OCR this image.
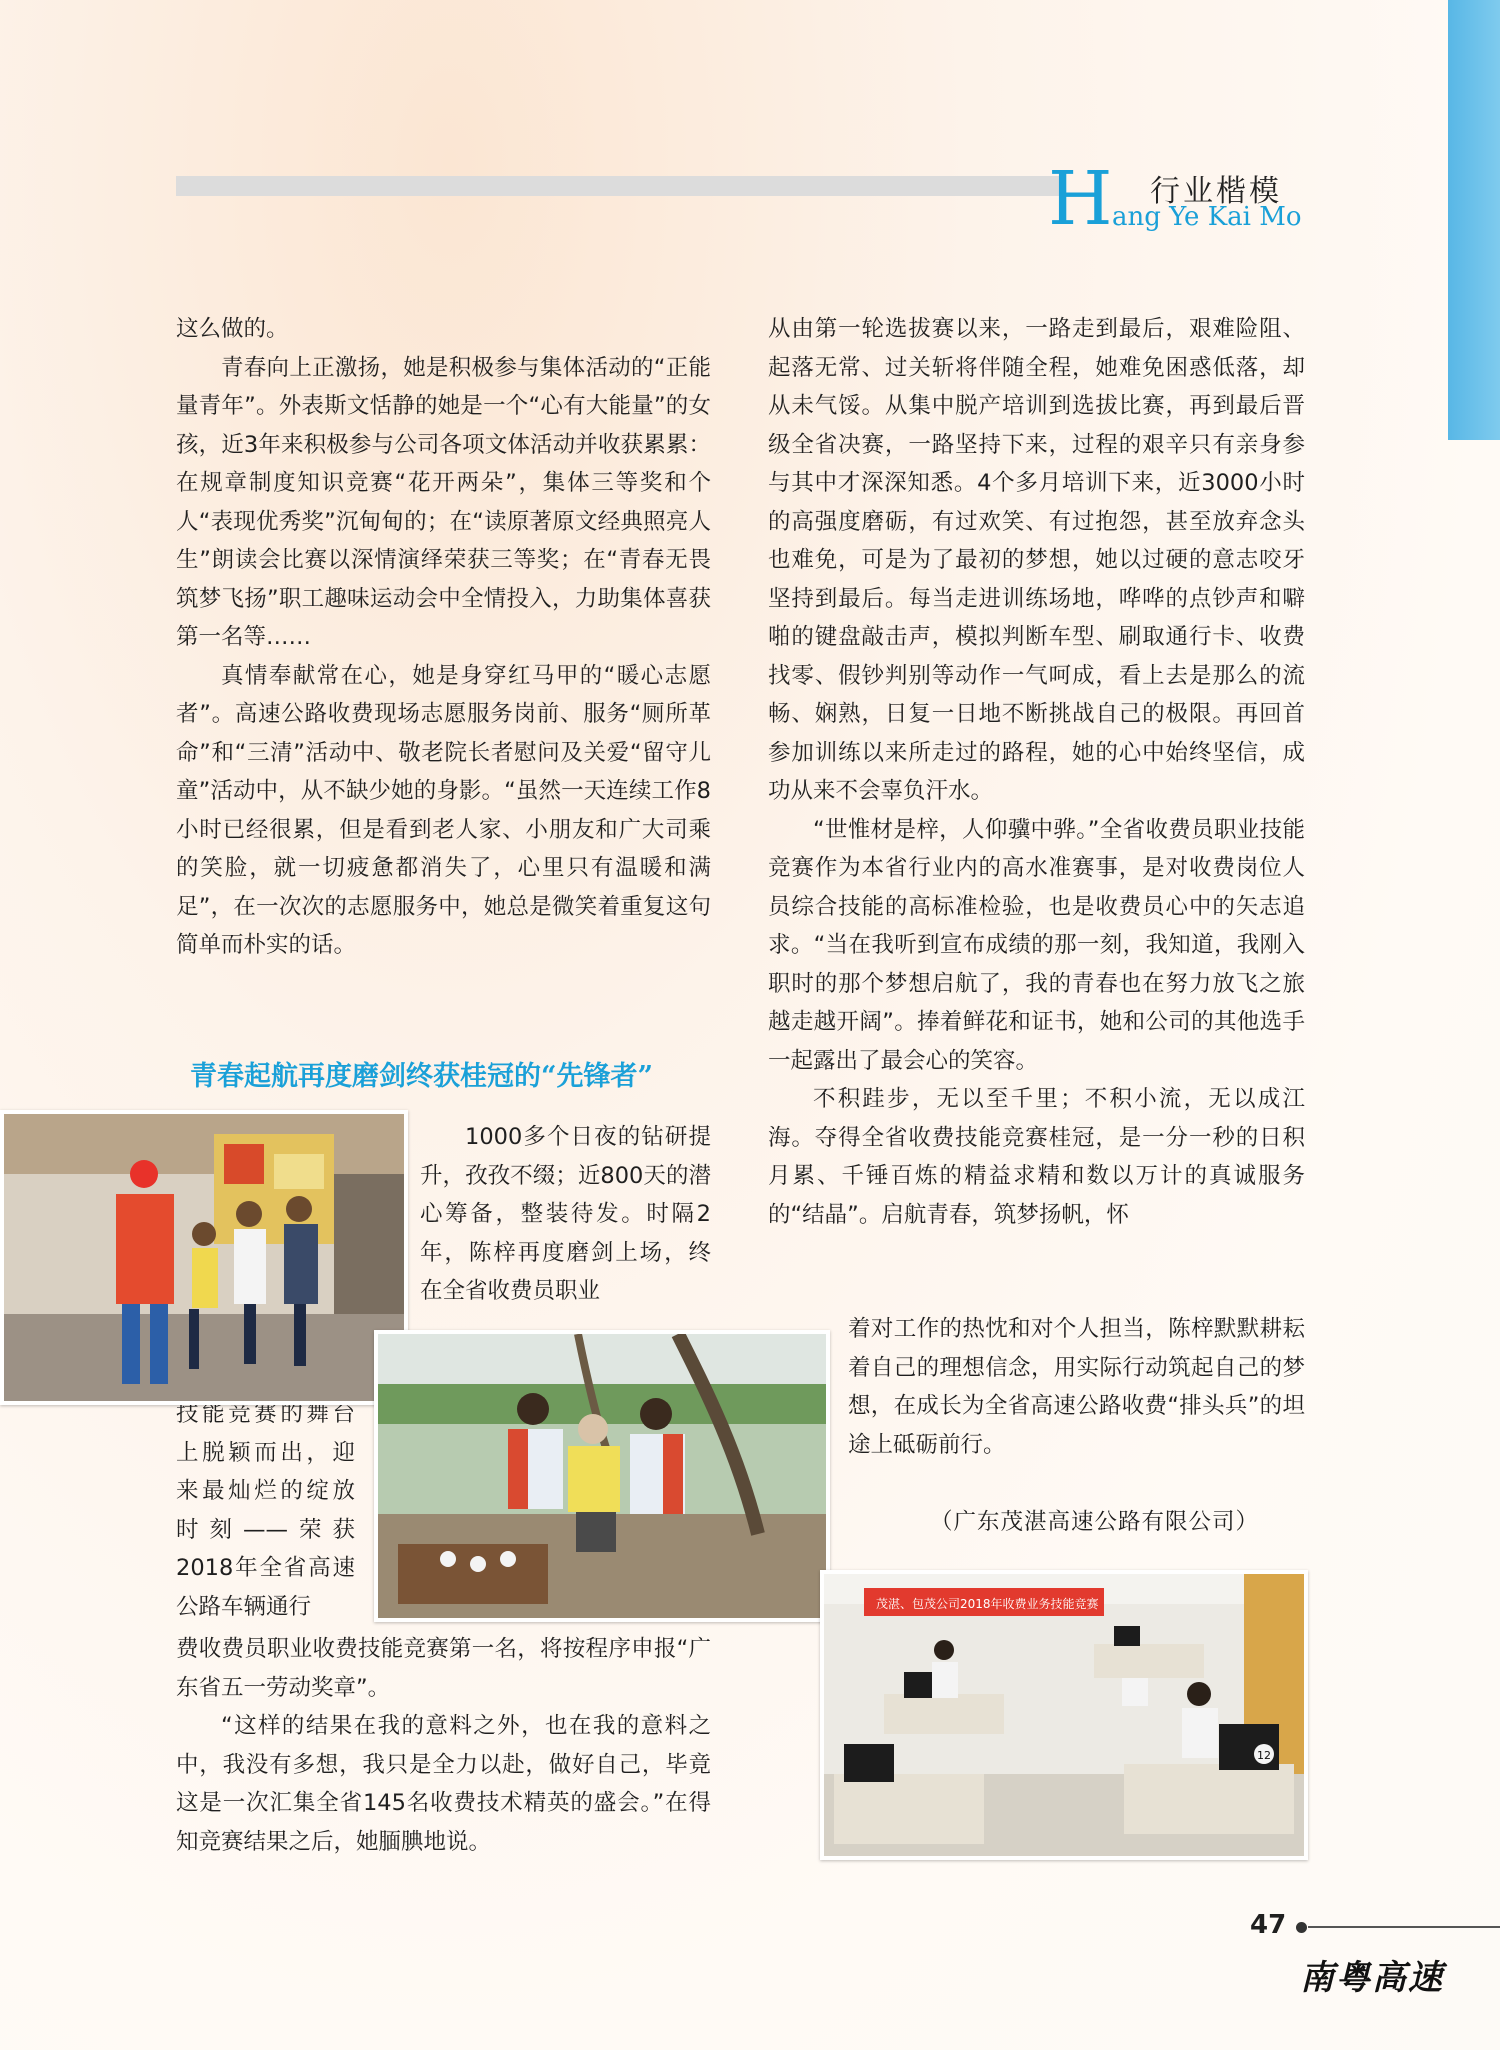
H 行业楷模
ang Ye Kai Mo

这么做的。

青春向上正激扬，她是积极参与集体活动的“正能量青年”。外表斯文恬静的她是一个“心有大能量”的女孩，近3年来积极参与公司各项文体活动并收获累累：在规章制度知识竞赛“花开两朵”，集体三等奖和个人“表现优秀奖”沉甸甸的；在“读原著原文经典照亮人生”朗读会比赛以深情演绎荣获三等奖；在“青春无畏筑梦飞扬”职工趣味运动会中全情投入，力助集体喜获第一名等……

真情奉献常在心，她是身穿红马甲的“暖心志愿者”。高速公路收费现场志愿服务岗前、服务“厕所革命”和“三清”活动中、敬老院长者慰问及关爱“留守儿童”活动中，从不缺少她的身影。“虽然一天连续工作8小时已经很累，但是看到老人家、小朋友和广大司乘的笑脸，就一切疲惫都消失了，心里只有温暖和满足”，在一次次的志愿服务中，她总是微笑着重复这句简单而朴实的话。

青春起航再度磨剑终获桂冠的“先锋者”

从由第一轮选拔赛以来，一路走到最后，艰难险阻、起落无常、过关斩将伴随全程，她难免困惑低落，却从未气馁。从集中脱产培训到选拔比赛，再到最后晋级全省决赛，一路坚持下来，过程的艰辛只有亲身参与其中才深深知悉。4个多月培训下来，近3000小时的高强度磨砺，有过欢笑、有过抱怨，甚至放弃念头也难免，可是为了最初的梦想，她以过硬的意志咬牙坚持到最后。每当走进训练场地，哗哗的点钞声和噼啪的键盘敲击声，模拟判断车型、刷取通行卡、收费找零、假钞判别等动作一气呵成，看上去是那么的流畅、娴熟，日复一日地不断挑战自己的极限。再回首参加训练以来所走过的路程，她的心中始终坚信，成功从来不会辜负汗水。

“世惟材是梓，人仰骥中骅。”全省收费员职业技能竞赛作为本省行业内的高水准赛事，是对收费岗位人员综合技能的高标准检验，也是收费员心中的矢志追求。“当在我听到宣布成绩的那一刻，我知道，我刚入职时的那个梦想启航了，我的青春也在努力放飞之旅越走越开阔”。捧着鲜花和证书，她和公司的其他选手一起露出了最会心的笑容。

不积跬步，无以至千里；不积小流，无以成江海。夺得全省收费技能竞赛桂冠，是一分一秒的日积月累、千锤百炼的精益求精和数以万计的真诚服务的“结晶”。启航青春，筑梦扬帆，怀

着对工作的热忱和对个人担当，陈梓默默耕耘着自己的理想信念，用实际行动筑起自己的梦想，在成长为全省高速公路收费“排头兵”的坦途上砥砺前行。

（广东茂湛高速公路有限公司）

1000多个日夜的钻研提升，孜孜不缀；近800天的潜心筹备，整装待发。时隔2年，陈梓再度磨剑上场，终在全省收费员职业

技能竞赛的舞台上脱颖而出，迎来最灿烂的绽放时刻——荣获2018年全省高速公路车辆通行

费收费员职业收费技能竞赛第一名，将按程序申报“广东省五一劳动奖章”。

“这样的结果在我的意料之外，也在我的意料之中，我没有多想，我只是全力以赴，做好自己，毕竟这是一次汇集全省145名收费技术精英的盛会。”在得知竞赛结果之后，她腼腆地说。

茂湛、包茂公司2018年收费业务技能竞赛
12
47
南粤高速
